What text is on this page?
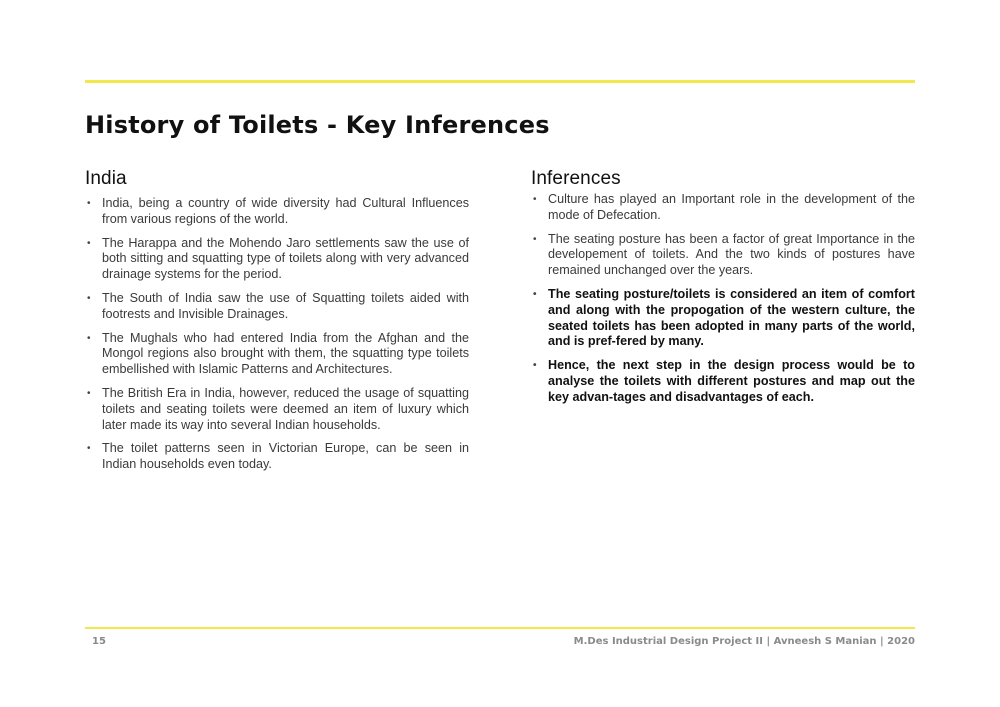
History of Toilets - Key Inferences
India
• India, being a country of wide diversity had Cultural Influences from various regions of the world.
• The Harappa and the Mohendo Jaro settlements saw the use of both sitting and squatting type of toilets along with very advanced drainage systems for the period.
• The South of India saw the use of Squatting toilets aided with footrests and Invisible Drainages.
• The Mughals who had entered India from the Afghan and the Mongol regions also brought with them, the squatting type toilets embellished with Islamic Patterns and Architectures.
• The British Era in India, however, reduced the usage of squatting toilets and seating toilets were deemed an item of luxury which later made its way into several Indian households.
• The toilet patterns seen in Victorian Europe, can be seen in Indian households even today.
Inferences
• Culture has played an Important role in the development of the mode of Defecation.
• The seating posture has been a factor of great Importance in the developement of toilets. And the two kinds of postures have remained unchanged over the years.
• The seating posture/toilets is considered an item of comfort and along with the propogation of the western culture, the seated toilets has been adopted in many parts of the world, and is pref-fered by many.
• Hence, the next step in the design process would be to analyse the toilets with different postures and map out the key advan-tages and disadvantages of each.
15	M.Des Industrial Design Project II | Avneesh S Manian | 2020
